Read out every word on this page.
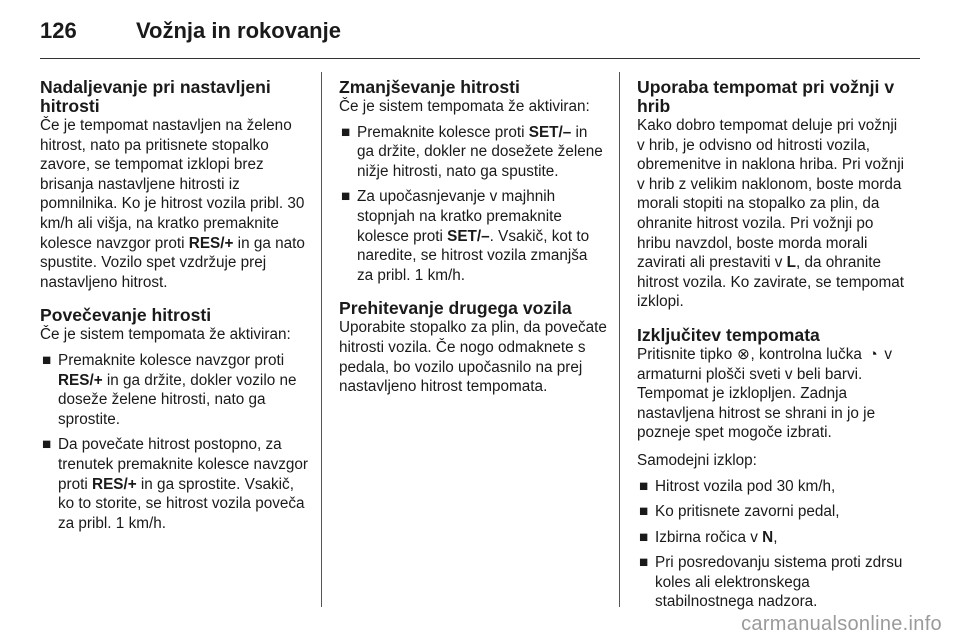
126	Vožnja in rokovanje
Nadaljevanje pri nastavljeni hitrosti

Če je tempomat nastavljen na želeno hitrost, nato pa pritisnete stopalko zavore, se tempomat izklopi brez brisanja nastavljene hitrosti iz pomnilnika. Ko je hitrost vozila pribl. 30 km/h ali višja, na kratko premaknite kolesce navzgor proti RES/+ in ga nato spustite. Vozilo spet vzdržuje prej nastavljeno hitrost.

Povečevanje hitrosti

Če je sistem tempomata že aktiviran:

■ Premaknite kolesce navzgor proti RES/+ in ga držite, dokler vozilo ne doseže želene hitrosti, nato ga sprostite.
■ Da povečate hitrost postopno, za trenutek premaknite kolesce navzgor proti RES/+ in ga sprostite. Vsakič, ko to storite, se hitrost vozila poveča za pribl. 1 km/h.
Zmanjševanje hitrosti

Če je sistem tempomata že aktiviran:

■ Premaknite kolesce proti SET/– in ga držite, dokler ne dosežete želene nižje hitrosti, nato ga spustite.
■ Za upočasnjevanje v majhnih stopnjah na kratko premaknite kolesce proti SET/–. Vsakič, kot to naredite, se hitrost vozila zmanjša za pribl. 1 km/h.
Prehitevanje drugega vozila

Uporabite stopalko za plin, da povečate hitrosti vozila. Če nogo odmaknete s pedala, bo vozilo upočasnilo na prej nastavljeno hitrost tempomata.

Uporaba tempomat pri vožnji v hrib

Kako dobro tempomat deluje pri vožnji v hrib, je odvisno od hitrosti vozila, obremenitve in naklona hriba. Pri vožnji v hrib z velikim naklonom, boste morda morali stopiti na stopalko za plin, da ohranite hitrost vozila. Pri vožnji po hribu navzdol, boste morda morali zavirati ali prestaviti v L, da ohranite hitrost vozila. Ko zavirate, se tempomat izklopi.

Izključitev tempomata

Pritisnite tipko ⊗, kontrolna lučka ◔ v armaturni plošči sveti v beli barvi. Tempomat je izklopljen. Zadnja nastavljena hitrost se shrani in jo je pozneje spet mogoče izbrati.

Samodejni izklop:

■ Hitrost vozila pod 30 km/h,
■ Ko pritisnete zavorni pedal,
■ Izbirna ročica v N,
■ Pri posredovanju sistema proti zdrsu koles ali elektronskega stabilnostnega nadzora.
carmanualsonline.info
